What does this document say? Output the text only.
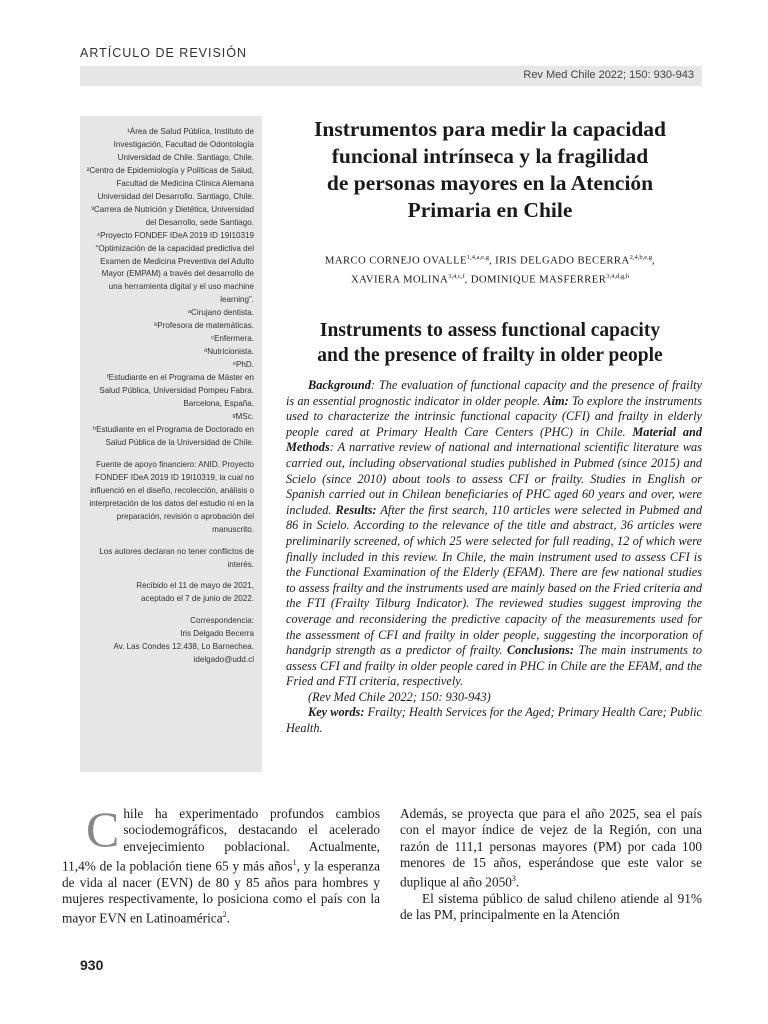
ARTÍCULO DE REVISIÓN
Rev Med Chile 2022; 150: 930-943

¹Área de Salud Pública, Instituto de Investigación, Facultad de Odontología Universidad de Chile. Santiago, Chile.

²Centro de Epidemiología y Políticas de Salud, Facultad de Medicina Clínica Alemana Universidad del Desarrollo. Santiago, Chile.

³Carrera de Nutrición y Dietética, Universidad del Desarrollo, sede Santiago.

⁴Proyecto FONDEF IDeA 2019 ID 19I10319 “Optimización de la capacidad predictiva del Examen de Medicina Preventiva del Adulto Mayor (EMPAM) a través del desarrollo de una herramienta digital y el uso machine learning”.

ᵃCirujano dentista.

ᵇProfesora de matemáticas.

ᶜEnfermera.

ᵈNutricionista.

ᵉPhD.

ᶠEstudiante en el Programa de Máster en Salud Pública, Universidad Pompeu Fabra. Barcelona, España.

ᵍMSc.

ʰEstudiante en el Programa de Doctorado en Salud Pública de la Universidad de Chile.

Fuente de apoyo financiero: ANID. Proyecto FONDEF IDeA 2019 ID 19I10319, la cual no influenció en el diseño, recolección, análisis o interpretación de los datos del estudio ni en la preparación, revisión o aprobación del manuscrito.

Los autores declaran no tener conflictos de interés.

Recibido el 11 de mayo de 2021,

aceptado el 7 de junio de 2022.

Correspondencia:

Iris Delgado Becerra

Av. Las Condes 12.438, Lo Barnechea.

idelgado@udd.cl

Instrumentos para medir la capacidad
funcional intrínseca y la fragilidad
de personas mayores en la Atención
Primaria en Chile
MARCO CORNEJO OVALLE$^{1,4,a,e,g}$, IRIS DELGADO BECERRA$^{2,4,b,e,g}$,
XAVIERA MOLINA$^{3,4,c,f}$, DOMINIQUE MASFERRER$^{3,4,d,g,h}$
Instruments to assess functional capacity
and the presence of frailty in older people

Background: The evaluation of functional capacity and the presence of frailty is an essential prognostic indicator in older people. Aim: To explore the instruments used to characterize the intrinsic functional capacity (CFI) and frailty in elderly people cared at Primary Health Care Centers (PHC) in Chile. Material and Methods: A narrative review of national and international scientific literature was carried out, including observational studies published in Pubmed (since 2015) and Scielo (since 2010) about tools to assess CFI or frailty. Studies in English or Spanish carried out in Chilean beneficiaries of PHC aged 60 years and over, were included. Results: After the first search, 110 articles were selected in Pubmed and 86 in Scielo. According to the relevance of the title and abstract, 36 articles were preliminarily screened, of which 25 were selected for full reading, 12 of which were finally included in this review. In Chile, the main instrument used to assess CFI is the Functional Examination of the Elderly (EFAM). There are few national studies to assess frailty and the instruments used are mainly based on the Fried criteria and the FTI (Frailty Tilburg Indicator). The reviewed studies suggest improving the coverage and reconsidering the predictive capacity of the measurements used for the assessment of CFI and frailty in older people, suggesting the incorporation of handgrip strength as a predictor of frailty. Conclusions: The main instruments to assess CFI and frailty in older people cared in PHC in Chile are the EFAM, and the Fried and FTI criteria, respectively.

(Rev Med Chile 2022; 150: 930-943)

Key words: Frailty; Health Services for the Aged; Primary Health Care; Public Health.

Chile ha experimentado profundos cambios sociodemográficos, destacando el acelerado envejecimiento poblacional. Actualmente, 11,4% de la población tiene 65 y más años$^1$, y la esperanza de vida al nacer (EVN) de 80 y 85 años para hombres y mujeres respectivamente, lo posiciona como el país con la mayor EVN en Latinoamérica$^2$.

Además, se proyecta que para el año 2025, sea el país con el mayor índice de vejez de la Región, con una razón de 111,1 personas mayores (PM) por cada 100 menores de 15 años, esperándose que este valor se duplique al año 2050$^3$.

El sistema público de salud chileno atiende al 91% de las PM, principalmente en la Atención

930
